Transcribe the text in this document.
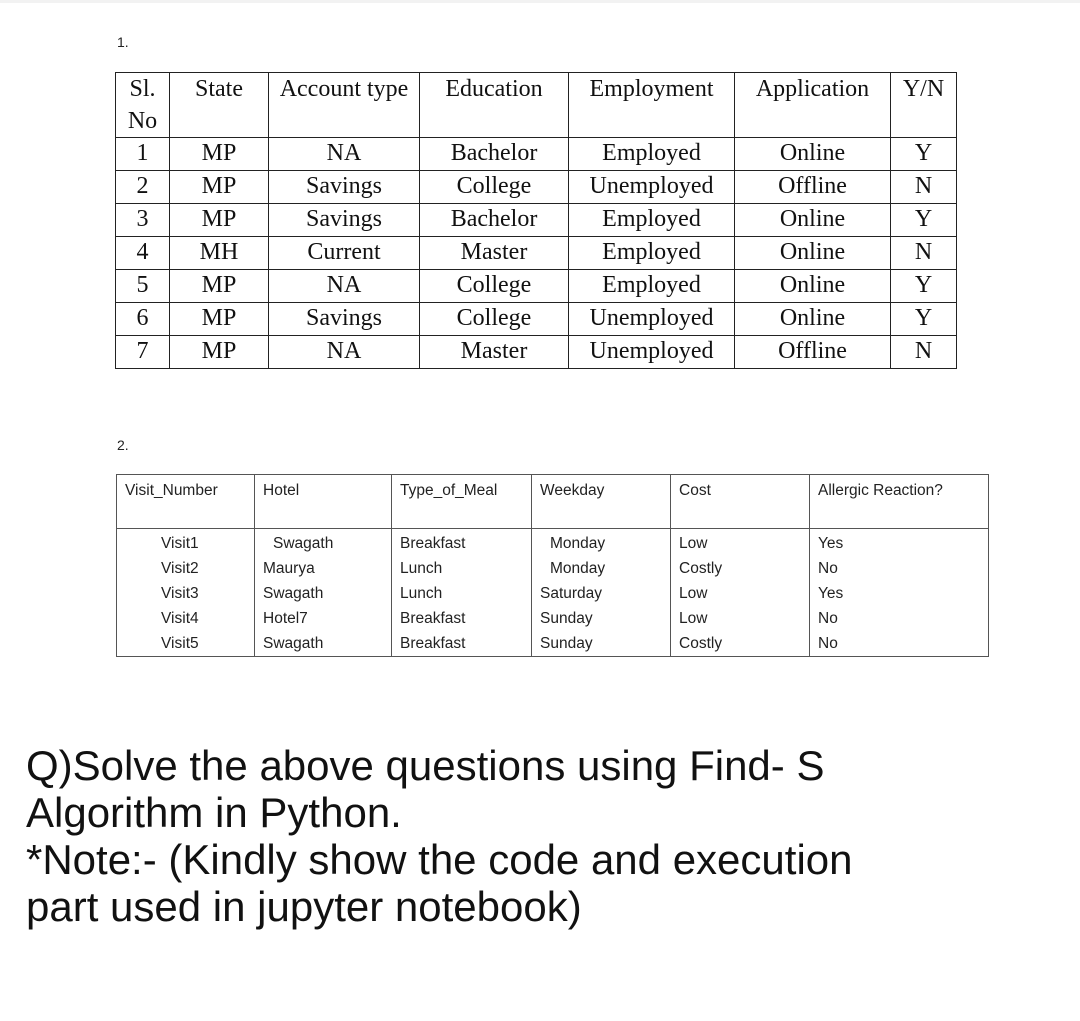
1.
Sl. No	State	Account type	Education	Employment	Application	Y/N
1	MP	NA	Bachelor	Employed	Online	Y
2	MP	Savings	College	Unemployed	Offline	N
3	MP	Savings	Bachelor	Employed	Online	Y
4	MH	Current	Master	Employed	Online	N
5	MP	NA	College	Employed	Online	Y
6	MP	Savings	College	Unemployed	Online	Y
7	MP	NA	Master	Unemployed	Offline	N
2.
Visit_Number	Hotel	Type_of_Meal	Weekday	Cost	Allergic Reaction?
Visit1	Swagath	Breakfast	Monday	Low	Yes
Visit2	Maurya	Lunch	Monday	Costly	No
Visit3	Swagath	Lunch	Saturday	Low	Yes
Visit4	Hotel7	Breakfast	Sunday	Low	No
Visit5	Swagath	Breakfast	Sunday	Costly	No
Q)Solve the above questions using Find- S
Algorithm in Python.
*Note:- (Kindly show the code and execution
part used in jupyter notebook)
